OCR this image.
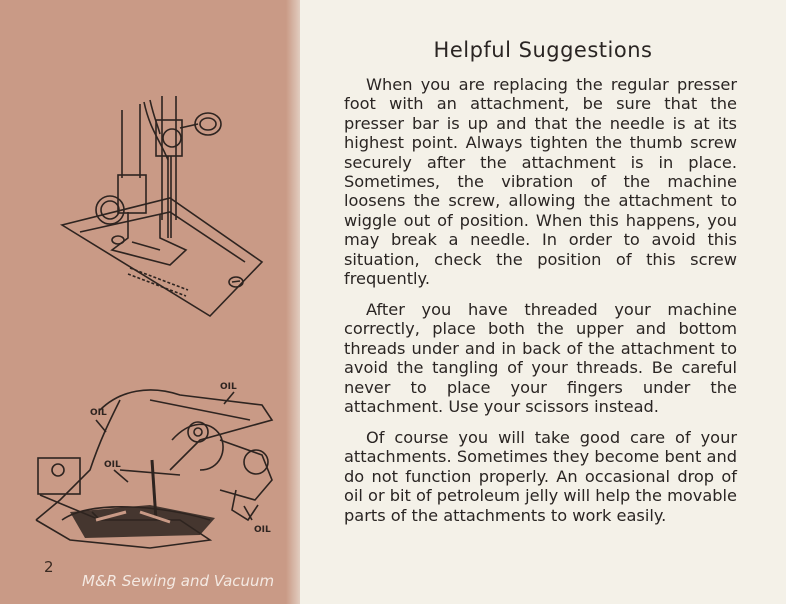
OIL
OIL
OIL
OIL
2
M&R Sewing and Vacuum
Helpful Suggestions

When you are replacing the regular presser foot with an attachment, be sure that the presser bar is up and that the needle is at its highest point. Always tighten the thumb screw securely after the attachment is in place. Sometimes, the vibration of the machine loosens the screw, allowing the attachment to wiggle out of position. When this happens, you may break a needle. In order to avoid this situation, check the position of this screw frequently.

After you have threaded your machine correctly, place both the upper and bottom threads under and in back of the attachment to avoid the tangling of your threads. Be careful never to place your fingers under the attachment. Use your scissors instead.

Of course you will take good care of your attachments. Sometimes they become bent and do not function properly. An occasional drop of oil or bit of petroleum jelly will help the movable parts of the attachments to work easily.
